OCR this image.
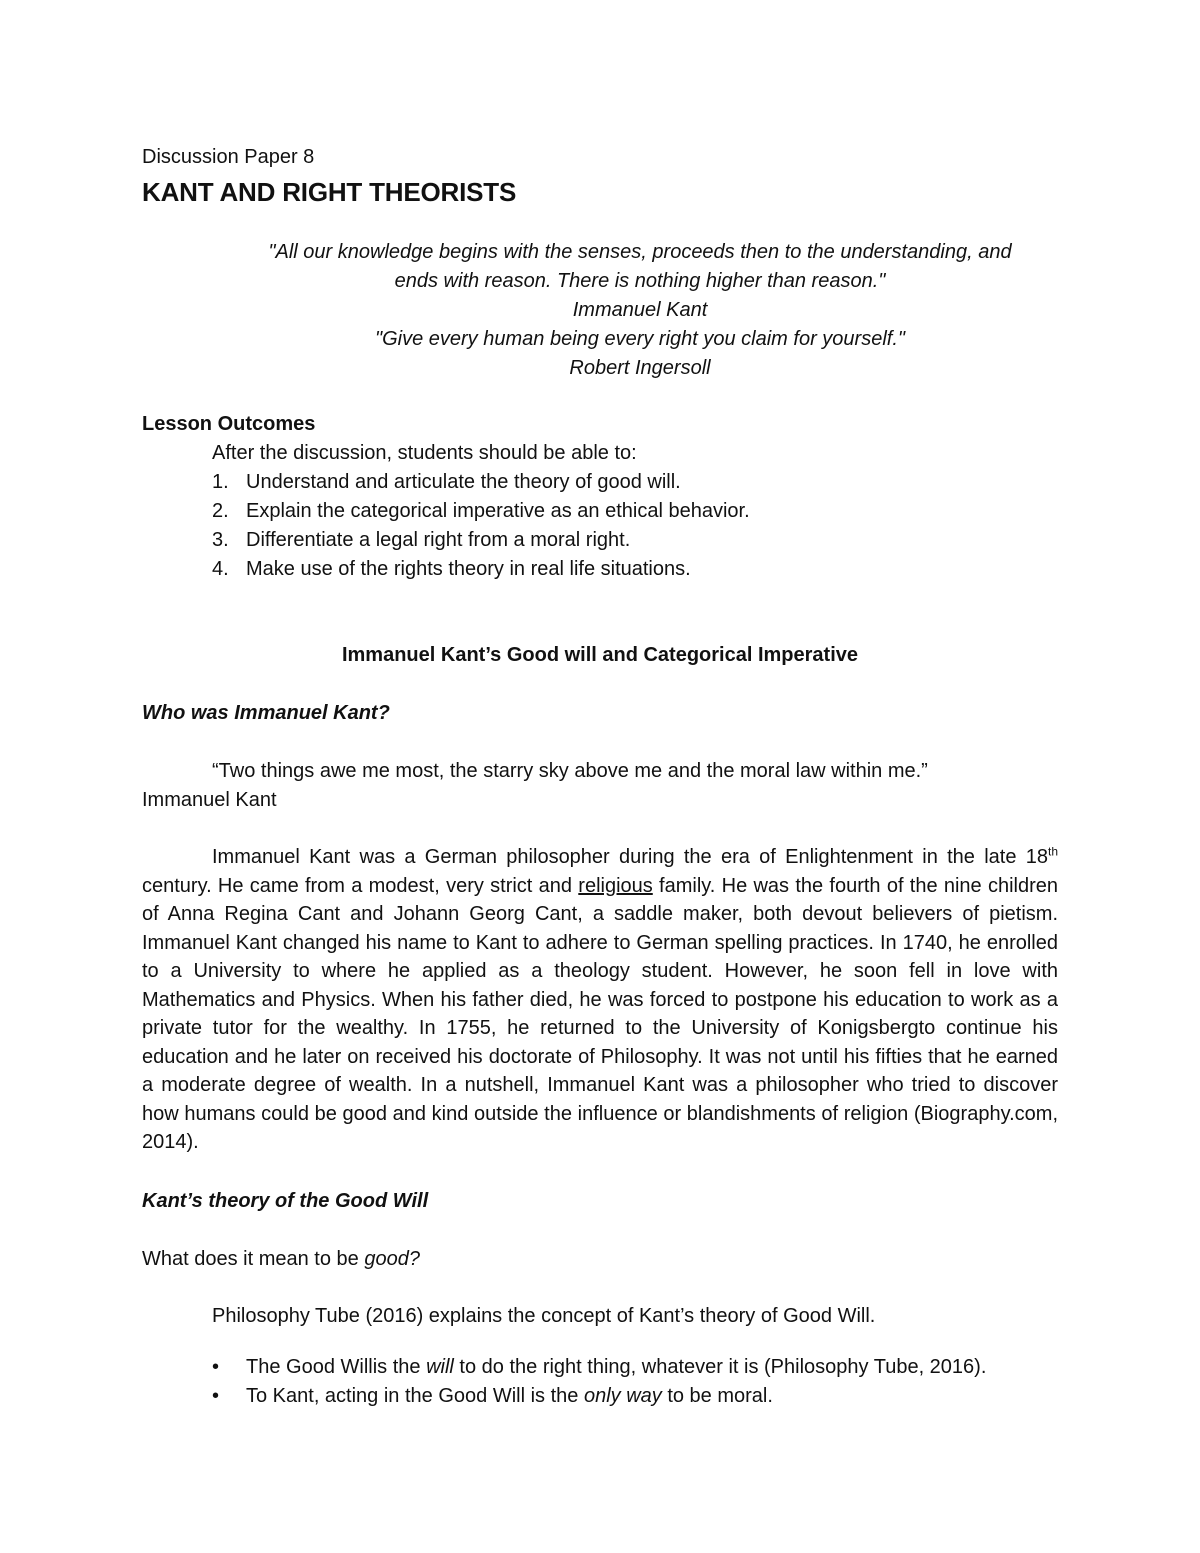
Discussion Paper 8
KANT AND RIGHT THEORISTS
"All our knowledge begins with the senses, proceeds then to the understanding, and
ends with reason. There is nothing higher than reason."
Immanuel Kant
"Give every human being every right you claim for yourself."
Robert Ingersoll
Lesson Outcomes
After the discussion, students should be able to:
1. Understand and articulate the theory of good will.
2. Explain the categorical imperative as an ethical behavior.
3. Differentiate a legal right from a moral right.
4. Make use of the rights theory in real life situations.
Immanuel Kant’s Good will and Categorical Imperative
Who was Immanuel Kant?
“Two things awe me most, the starry sky above me and the moral law within me.”
Immanuel Kant

Immanuel Kant was a German philosopher during the era of Enlightenment in the late 18th century. He came from a modest, very strict and religious family. He was the fourth of the nine children of Anna Regina Cant and Johann Georg Cant, a saddle maker, both devout believers of pietism. Immanuel Kant changed his name to Kant to adhere to German spelling practices. In 1740, he enrolled to a University to where he applied as a theology student. However, he soon fell in love with Mathematics and Physics. When his father died, he was forced to postpone his education to work as a private tutor for the wealthy. In 1755, he returned to the University of Konigsbergto continue his education and he later on received his doctorate of Philosophy. It was not until his fifties that he earned a moderate degree of wealth. In a nutshell, Immanuel Kant was a philosopher who tried to discover how humans could be good and kind outside the influence or blandishments of religion (Biography.com, 2014).

Kant’s theory of the Good Will
What does it mean to be good?
Philosophy Tube (2016) explains the concept of Kant’s theory of Good Will.
• The Good Willis the will to do the right thing, whatever it is (Philosophy Tube, 2016).
• To Kant, acting in the Good Will is the only way to be moral.
